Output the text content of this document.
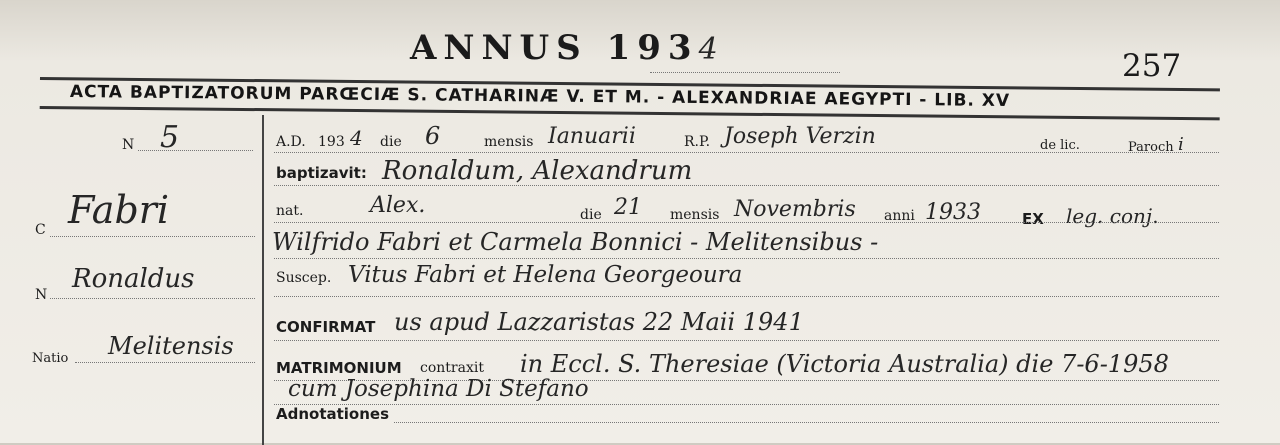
ANNUS 1934	257
ACTA BAPTIZATORUM PARŒCIÆ S. CATHARINÆ V. ET M. - ALEXANDRIAE AEGYPTI - LIB. XV
N 5
C Fabri
N
Ronaldus
Natio Melitensis
A.D. 193 4 die 6	mensis Ianuarii	R.P. Joseph Verzin	de lic.	Paroch i
baptizavit: Ronaldum, Alexandrum
nat.	Alex.	die 21 mensis Novembris anni 1933	EX leg. conj.
Wilfrido Fabri et Carmela Bonnici - Melitensibus -
Suscep. Vitus Fabri et Helena Georgeoura
CONFIRMAT us apud Lazzaristas 22 Maii 1941
MATRIMONIUM contraxit in Eccl. S. Theresiae (Victoria Australia) die 7-6-1958
cum Josephina Di Stefano
Adnotationes
